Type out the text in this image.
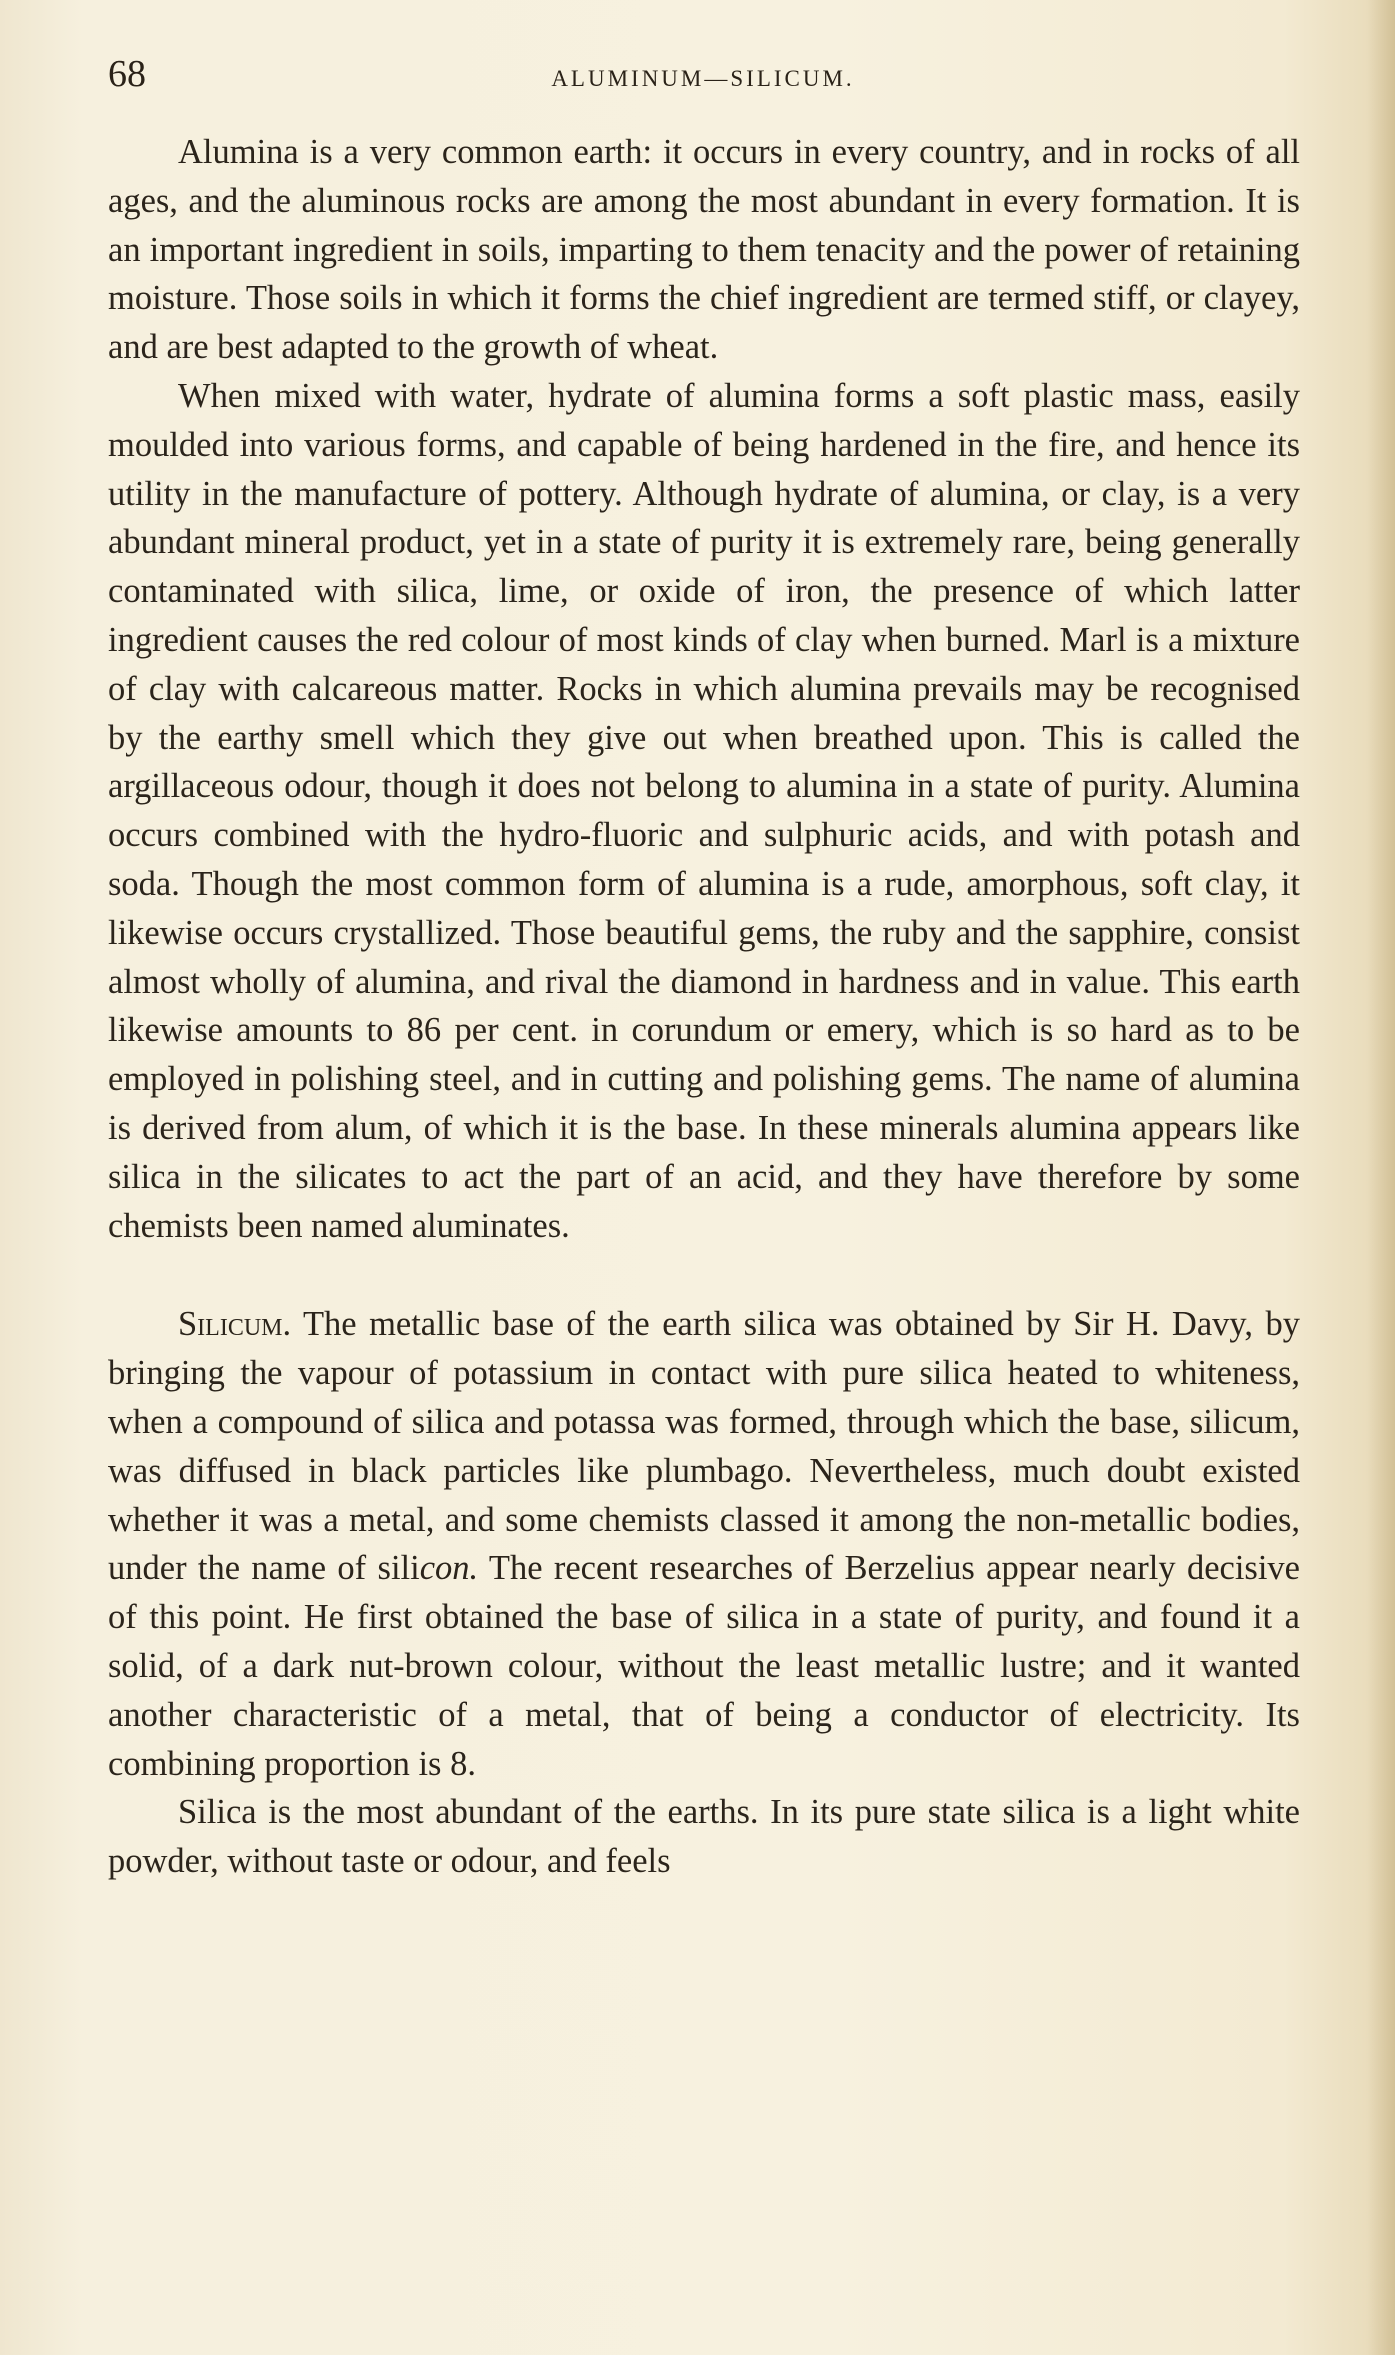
68	ALUMINUM—SILICUM.

Alumina is a very common earth: it occurs in every country, and in rocks of all ages, and the aluminous rocks are among the most abundant in every formation. It is an important ingredient in soils, imparting to them tenacity and the power of retaining moisture. Those soils in which it forms the chief ingredient are termed stiff, or clayey, and are best adapted to the growth of wheat.

When mixed with water, hydrate of alumina forms a soft plastic mass, easily moulded into various forms, and capable of being hardened in the fire, and hence its utility in the manufacture of pottery. Although hydrate of alumina, or clay, is a very abundant mineral product, yet in a state of purity it is extremely rare, being generally contaminated with silica, lime, or oxide of iron, the presence of which latter ingredient causes the red colour of most kinds of clay when burned. Marl is a mixture of clay with calcareous matter. Rocks in which alumina prevails may be recognised by the earthy smell which they give out when breathed upon. This is called the argillaceous odour, though it does not belong to alumina in a state of purity. Alumina occurs combined with the hydro-fluoric and sulphuric acids, and with potash and soda. Though the most common form of alumina is a rude, amorphous, soft clay, it likewise occurs crystallized. Those beautiful gems, the ruby and the sapphire, consist almost wholly of alumina, and rival the diamond in hardness and in value. This earth likewise amounts to 86 per cent. in corundum or emery, which is so hard as to be employed in polishing steel, and in cutting and polishing gems. The name of alumina is derived from alum, of which it is the base. In these minerals alumina appears like silica in the silicates to act the part of an acid, and they have therefore by some chemists been named aluminates.

Silicum. The metallic base of the earth silica was obtained by Sir H. Davy, by bringing the vapour of potassium in contact with pure silica heated to whiteness, when a compound of silica and potassa was formed, through which the base, silicum, was diffused in black particles like plumbago. Nevertheless, much doubt existed whether it was a metal, and some chemists classed it among the non-metallic bodies, under the name of silicon. The recent researches of Berzelius appear nearly decisive of this point. He first obtained the base of silica in a state of purity, and found it a solid, of a dark nut-brown colour, without the least metallic lustre; and it wanted another characteristic of a metal, that of being a conductor of electricity. Its combining proportion is 8.

Silica is the most abundant of the earths. In its pure state silica is a light white powder, without taste or odour, and feels
